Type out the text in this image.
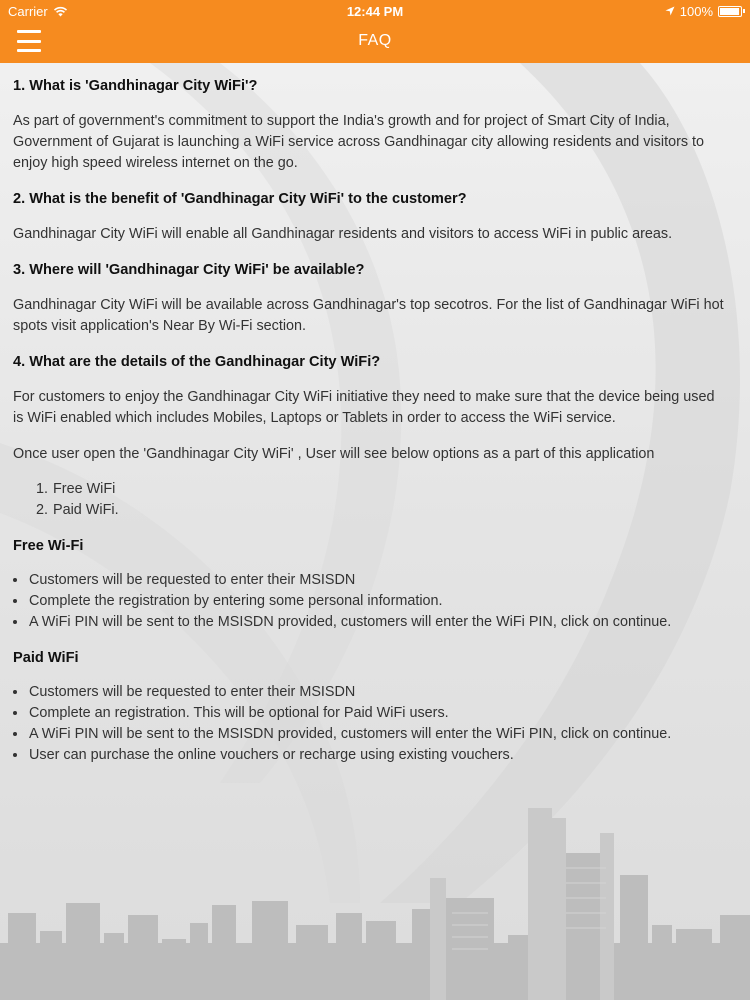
Carrier	12:44 PM	100%
FAQ
1. What is 'Gandhinagar City WiFi'?

As part of government's commitment to support the India's growth and for project of Smart City of India, Government of Gujarat is launching a WiFi service across Gandhinagar city allowing residents and visitors to enjoy high speed wireless internet on the go.

2. What is the benefit of 'Gandhinagar City WiFi' to the customer?

Gandhinagar City WiFi will enable all Gandhinagar residents and visitors to access WiFi in public areas.

3. Where will 'Gandhinagar City WiFi' be available?

Gandhinagar City WiFi will be available across Gandhinagar's top secotros. For the list of Gandhinagar WiFi hot spots visit application's Near By Wi-Fi section.

4. What are the details of the Gandhinagar City WiFi?

For customers to enjoy the Gandhinagar City WiFi initiative they need to make sure that the device being used is WiFi enabled which includes Mobiles, Laptops or Tablets in order to access the WiFi service.

Once user open the 'Gandhinagar City WiFi' , User will see below options as a part of this application

1. Free WiFi
2. Paid WiFi.
Free Wi-Fi
• Customers will be requested to enter their MSISDN
• Complete the registration by entering some personal information.
• A WiFi PIN will be sent to the MSISDN provided, customers will enter the WiFi PIN, click on continue.
Paid WiFi
• Customers will be requested to enter their MSISDN
• Complete an registration. This will be optional for Paid WiFi users.
• A WiFi PIN will be sent to the MSISDN provided, customers will enter the WiFi PIN, click on continue.
• User can purchase the online vouchers or recharge using existing vouchers.
